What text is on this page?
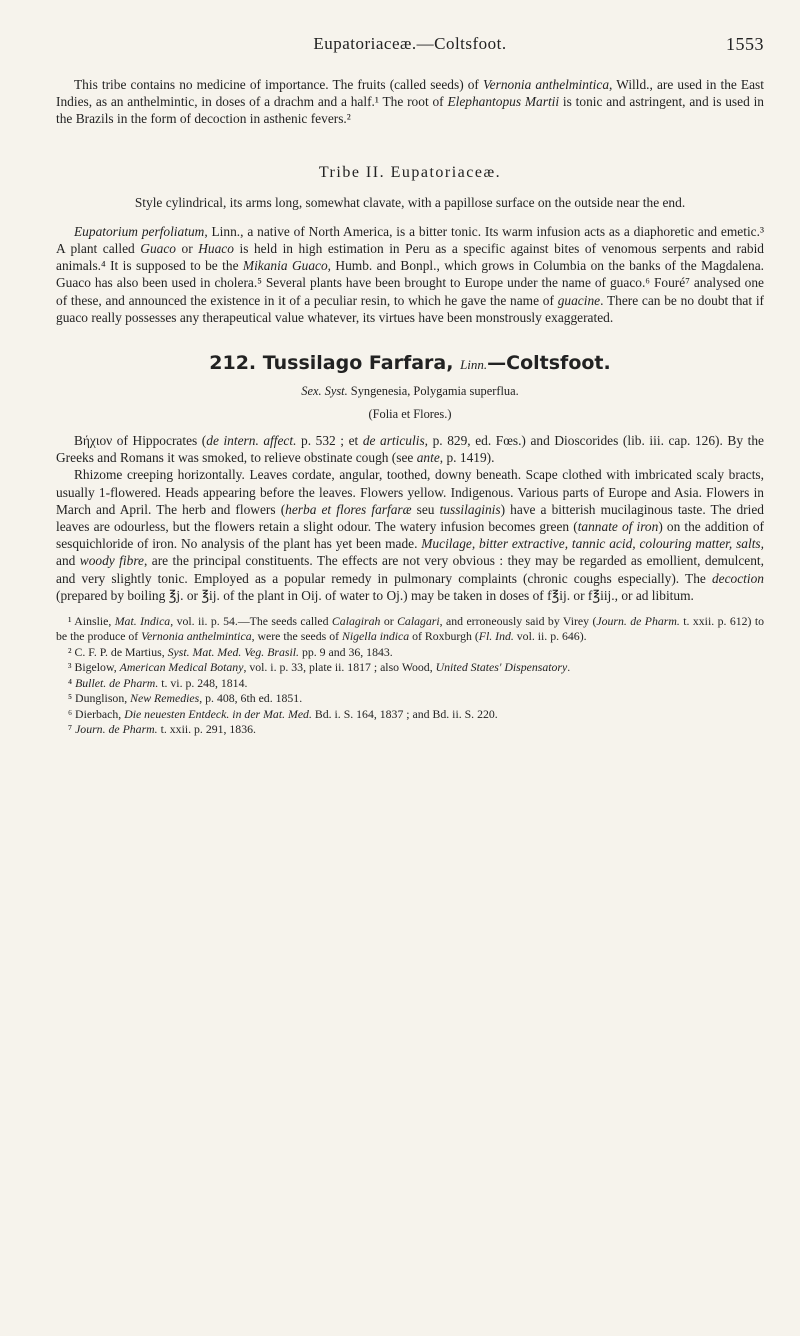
Eupatoriaceæ.—Coltsfoot.	1553

This tribe contains no medicine of importance. The fruits (called seeds) of Vernonia anthelmintica, Willd., are used in the East Indies, as an anthelmintic, in doses of a drachm and a half.¹ The root of Elephantopus Martii is tonic and astringent, and is used in the Brazils in the form of decoction in asthenic fevers.²

Tribe II. Eupatoriaceæ.

Style cylindrical, its arms long, somewhat clavate, with a papillose surface on the outside near the end.

Eupatorium perfoliatum, Linn., a native of North America, is a bitter tonic. Its warm infusion acts as a diaphoretic and emetic.³ A plant called Guaco or Huaco is held in high estimation in Peru as a specific against bites of venomous serpents and rabid animals.⁴ It is supposed to be the Mikania Guaco, Humb. and Bonpl., which grows in Columbia on the banks of the Magdalena. Guaco has also been used in cholera.⁵ Several plants have been brought to Europe under the name of guaco.⁶ Fouré⁷ analysed one of these, and announced the existence in it of a peculiar resin, to which he gave the name of guacine. There can be no doubt that if guaco really possesses any therapeutical value whatever, its virtues have been monstrously exaggerated.

212. Tussilago Farfara, Linn.—Coltsfoot.
Sex. Syst. Syngenesia, Polygamia superflua.
(Folia et Flores.)

Βήχιον of Hippocrates (de intern. affect. p. 532 ; et de articulis, p. 829, ed. Fœs.) and Dioscorides (lib. iii. cap. 126). By the Greeks and Romans it was smoked, to relieve obstinate cough (see ante, p. 1419).

Rhizome creeping horizontally. Leaves cordate, angular, toothed, downy beneath. Scape clothed with imbricated scaly bracts, usually 1-flowered. Heads appearing before the leaves. Flowers yellow. Indigenous. Various parts of Europe and Asia. Flowers in March and April. The herb and flowers (herba et flores farfaræ seu tussilaginis) have a bitterish mucilaginous taste. The dried leaves are odourless, but the flowers retain a slight odour. The watery infusion becomes green (tannate of iron) on the addition of sesquichloride of iron. No analysis of the plant has yet been made. Mucilage, bitter extractive, tannic acid, colouring matter, salts, and woody fibre, are the principal constituents. The effects are not very obvious : they may be regarded as emollient, demulcent, and very slightly tonic. Employed as a popular remedy in pulmonary complaints (chronic coughs especially). The decoction (prepared by boiling ℥j. or ℥ij. of the plant in Oij. of water to Oj.) may be taken in doses of f℥ij. or f℥iij., or ad libitum.

¹ Ainslie, Mat. Indica, vol. ii. p. 54.—The seeds called Calagirah or Calagari, and erroneously said by Virey (Journ. de Pharm. t. xxii. p. 612) to be the produce of Vernonia anthelmintica, were the seeds of Nigella indica of Roxburgh (Fl. Ind. vol. ii. p. 646).

² C. F. P. de Martius, Syst. Mat. Med. Veg. Brasil. pp. 9 and 36, 1843.

³ Bigelow, American Medical Botany, vol. i. p. 33, plate ii. 1817 ; also Wood, United States' Dispensatory.

⁴ Bullet. de Pharm. t. vi. p. 248, 1814.

⁵ Dunglison, New Remedies, p. 408, 6th ed. 1851.

⁶ Dierbach, Die neuesten Entdeck. in der Mat. Med. Bd. i. S. 164, 1837 ; and Bd. ii. S. 220.

⁷ Journ. de Pharm. t. xxii. p. 291, 1836.
